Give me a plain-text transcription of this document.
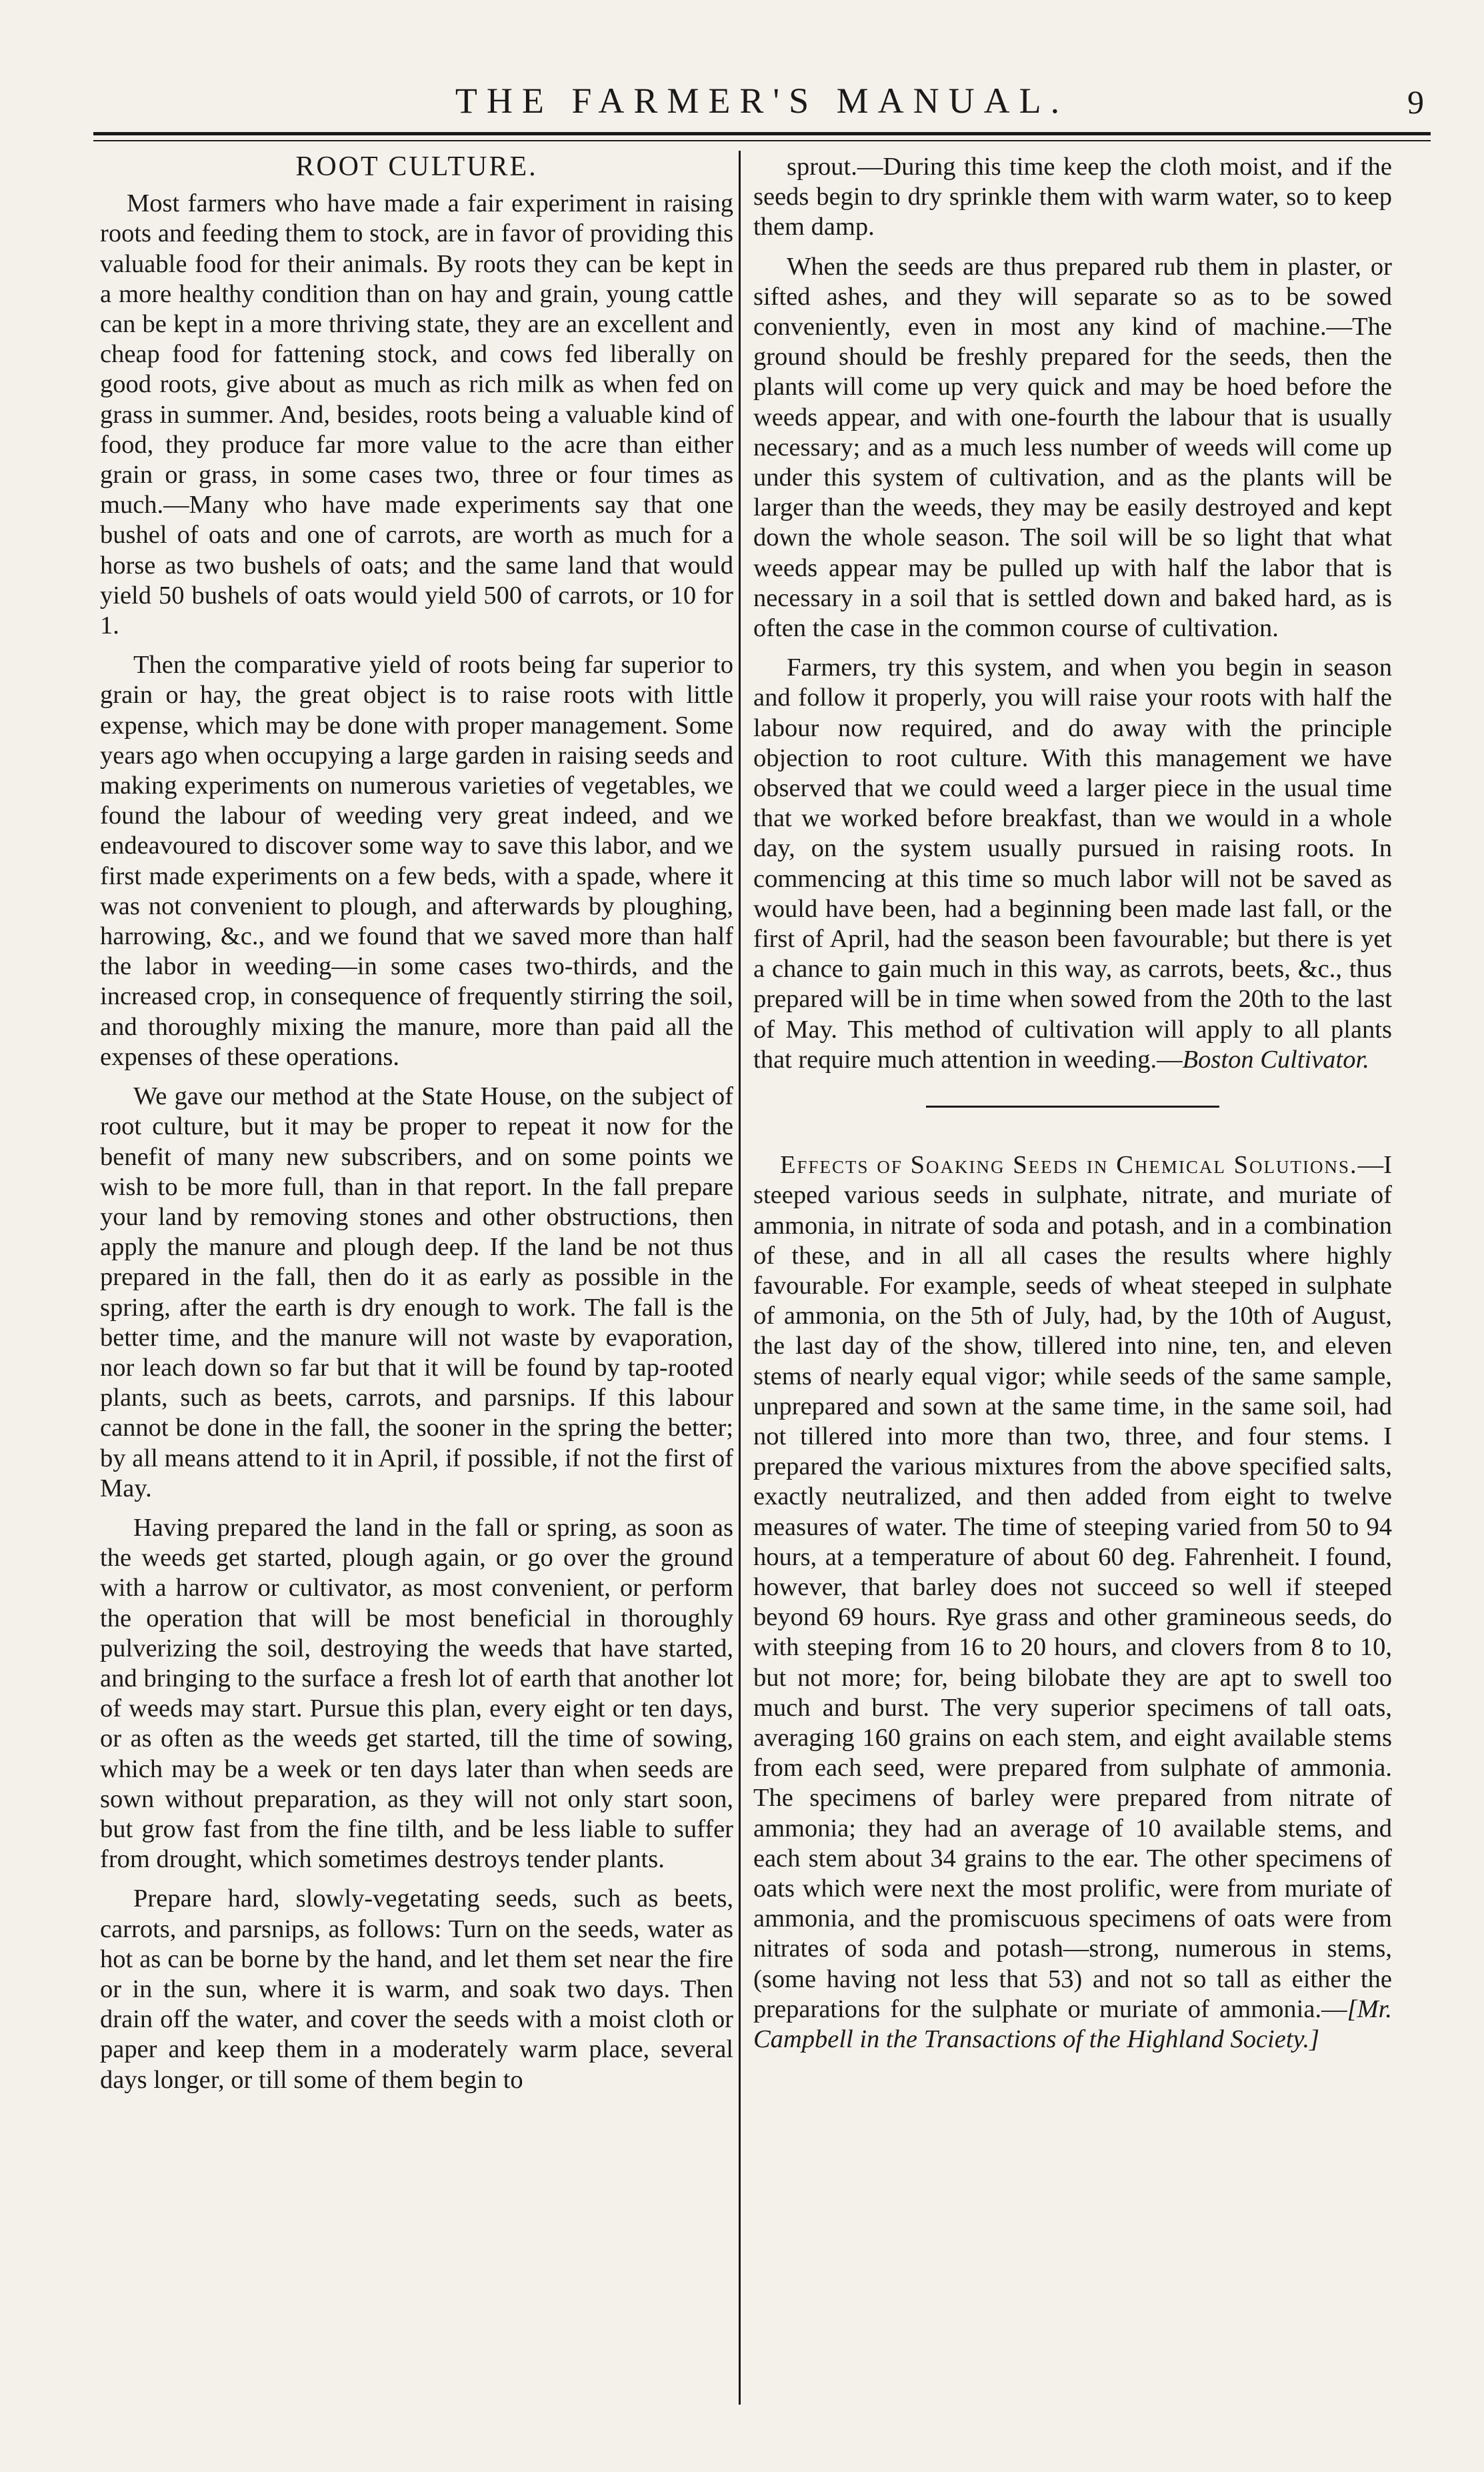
THE FARMER'S MANUAL.	9
ROOT CULTURE.

Most farmers who have made a fair experiment in raising roots and feeding them to stock, are in favor of providing this valuable food for their animals. By roots they can be kept in a more healthy condition than on hay and grain, young cattle can be kept in a more thriving state, they are an excellent and cheap food for fattening stock, and cows fed liberally on good roots, give about as much as rich milk as when fed on grass in summer. And, besides, roots being a valuable kind of food, they produce far more value to the acre than either grain or grass, in some cases two, three or four times as much.—Many who have made experiments say that one bushel of oats and one of carrots, are worth as much for a horse as two bushels of oats; and the same land that would yield 50 bushels of oats would yield 500 of carrots, or 10 for 1.

Then the comparative yield of roots being far superior to grain or hay, the great object is to raise roots with little expense, which may be done with proper management. Some years ago when occupying a large garden in raising seeds and making experiments on numerous varieties of vegetables, we found the labour of weeding very great indeed, and we endeavoured to discover some way to save this labor, and we first made experiments on a few beds, with a spade, where it was not convenient to plough, and afterwards by ploughing, harrowing, &c., and we found that we saved more than half the labor in weeding—in some cases two-thirds, and the increased crop, in consequence of frequently stirring the soil, and thoroughly mixing the manure, more than paid all the expenses of these operations.

We gave our method at the State House, on the subject of root culture, but it may be proper to repeat it now for the benefit of many new subscribers, and on some points we wish to be more full, than in that report. In the fall prepare your land by removing stones and other obstructions, then apply the manure and plough deep. If the land be not thus prepared in the fall, then do it as early as possible in the spring, after the earth is dry enough to work. The fall is the better time, and the manure will not waste by evaporation, nor leach down so far but that it will be found by tap-rooted plants, such as beets, carrots, and parsnips. If this labour cannot be done in the fall, the sooner in the spring the better; by all means attend to it in April, if possible, if not the first of May.

Having prepared the land in the fall or spring, as soon as the weeds get started, plough again, or go over the ground with a harrow or cultivator, as most convenient, or perform the operation that will be most beneficial in thoroughly pulverizing the soil, destroying the weeds that have started, and bringing to the surface a fresh lot of earth that another lot of weeds may start. Pursue this plan, every eight or ten days, or as often as the weeds get started, till the time of sowing, which may be a week or ten days later than when seeds are sown without preparation, as they will not only start soon, but grow fast from the fine tilth, and be less liable to suffer from drought, which sometimes destroys tender plants.

Prepare hard, slowly-vegetating seeds, such as beets, carrots, and parsnips, as follows: Turn on the seeds, water as hot as can be borne by the hand, and let them set near the fire or in the sun, where it is warm, and soak two days. Then drain off the water, and cover the seeds with a moist cloth or paper and keep them in a moderately warm place, several days longer, or till some of them begin to

sprout.—During this time keep the cloth moist, and if the seeds begin to dry sprinkle them with warm water, so to keep them damp.

When the seeds are thus prepared rub them in plaster, or sifted ashes, and they will separate so as to be sowed conveniently, even in most any kind of machine.—The ground should be freshly prepared for the seeds, then the plants will come up very quick and may be hoed before the weeds appear, and with one-fourth the labour that is usually necessary; and as a much less number of weeds will come up under this system of cultivation, and as the plants will be larger than the weeds, they may be easily destroyed and kept down the whole season. The soil will be so light that what weeds appear may be pulled up with half the labor that is necessary in a soil that is settled down and baked hard, as is often the case in the common course of cultivation.

Farmers, try this system, and when you begin in season and follow it properly, you will raise your roots with half the labour now required, and do away with the principle objection to root culture. With this management we have observed that we could weed a larger piece in the usual time that we worked before breakfast, than we would in a whole day, on the system usually pursued in raising roots. In commencing at this time so much labor will not be saved as would have been, had a beginning been made last fall, or the first of April, had the season been favourable; but there is yet a chance to gain much in this way, as carrots, beets, &c., thus prepared will be in time when sowed from the 20th to the last of May. This method of cultivation will apply to all plants that require much attention in weeding.—Boston Cultivator.

Effects of Soaking Seeds in Chemical Solutions.—I steeped various seeds in sulphate, nitrate, and muriate of ammonia, in nitrate of soda and potash, and in a combination of these, and in all all cases the results where highly favourable. For example, seeds of wheat steeped in sulphate of ammonia, on the 5th of July, had, by the 10th of August, the last day of the show, tillered into nine, ten, and eleven stems of nearly equal vigor; while seeds of the same sample, unprepared and sown at the same time, in the same soil, had not tillered into more than two, three, and four stems. I prepared the various mixtures from the above specified salts, exactly neutralized, and then added from eight to twelve measures of water. The time of steeping varied from 50 to 94 hours, at a temperature of about 60 deg. Fahrenheit. I found, however, that barley does not succeed so well if steeped beyond 69 hours. Rye grass and other gramineous seeds, do with steeping from 16 to 20 hours, and clovers from 8 to 10, but not more; for, being bilobate they are apt to swell too much and burst. The very superior specimens of tall oats, averaging 160 grains on each stem, and eight available stems from each seed, were prepared from sulphate of ammonia. The specimens of barley were prepared from nitrate of ammonia; they had an average of 10 available stems, and each stem about 34 grains to the ear. The other specimens of oats which were next the most prolific, were from muriate of ammonia, and the promiscuous specimens of oats were from nitrates of soda and potash—strong, numerous in stems, (some having not less that 53) and not so tall as either the preparations for the sulphate or muriate of ammonia.—[Mr. Campbell in the Transactions of the Highland Society.]
